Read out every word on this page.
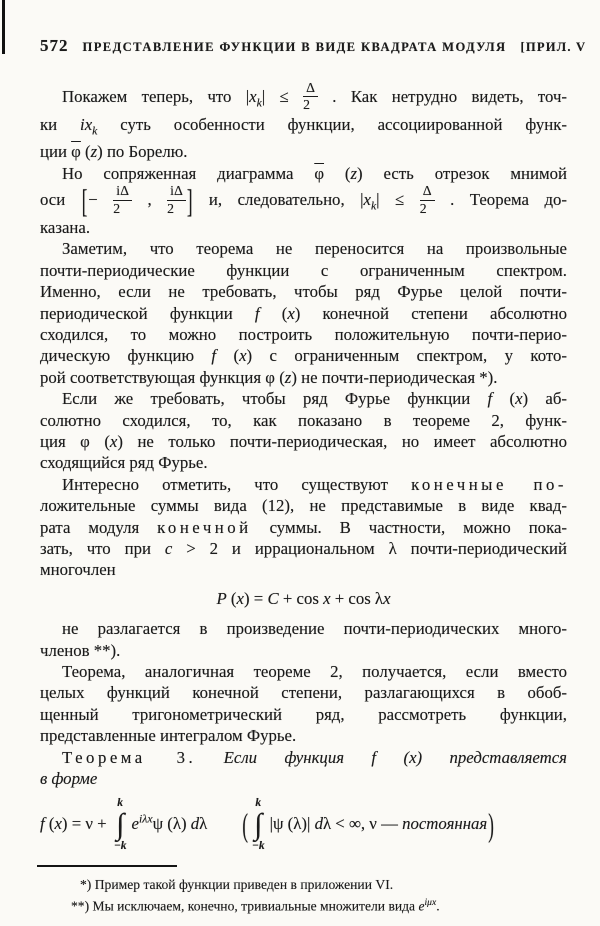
572 ПРЕДСТАВЛЕНИЕ ФУНКЦИИ В ВИДЕ КВАДРАТА МОДУЛЯ [ПРИЛ. V
Покажем теперь, что $|x_k| \le \frac{\Delta}{2}$ . Как нетрудно видеть, точ-
ки $ix_k$ суть особенности функции, ассоциированной функ-
ции $\overline{\varphi}$ (z) по Борелю.
Но сопряженная диаграмма $\overline{\varphi}$ (z) есть отрезок мнимой
оси [− $\frac{i\Delta}{2}$ , $\frac{i\Delta}{2}$ ] и, следовательно, $|x_k| \le \frac{\Delta}{2}$ . Теорема до-
казана.
Заметим, что теорема не переносится на произвольные
почти-периодические функции с ограниченным спектром.
Именно, если не требовать, чтобы ряд Фурье целой почти-
периодической функции f (x) конечной степени абсолютно
сходился, то можно построить положительную почти-перио-
дическую функцию f (x) с ограниченным спектром, у кото-
рой соответствующая функция φ (z) не почти-периодическая *).
Если же требовать, чтобы ряд Фурье функции f (x) аб-
солютно сходился, то, как показано в теореме 2, функ-
ция φ (x) не только почти-периодическая, но имеет абсолютно
сходящийся ряд Фурье.
Интересно отметить, что существуют конечные по-
ложительные суммы вида (12), не представимые в виде квад-
рата модуля конечной суммы. В частности, можно пока-
зать, что при c > 2 и иррациональном λ почти-периодический
многочлен
P (x) = C + cos x + cos λx
не разлагается в произведение почти-периодических много-
членов **).
Теорема, аналогичная теореме 2, получается, если вместо
целых функций конечной степени, разлагающихся в обоб-
щенный тригонометрический ряд, рассмотреть функции,
представленные интегралом Фурье.
Теорема 3. Если функция f (x) представляется
в форме
f (x) = ν +
k
∫
−k
$e^{i\lambda x}\psi$ (λ) dλ (
k
∫
−k
|ψ (λ)| dλ < ∞, ν — постоянная)
*) Пример такой функции приведен в приложении VI.
**) Мы исключаем, конечно, тривиальные множители вида $e^{i\mu x}$.
